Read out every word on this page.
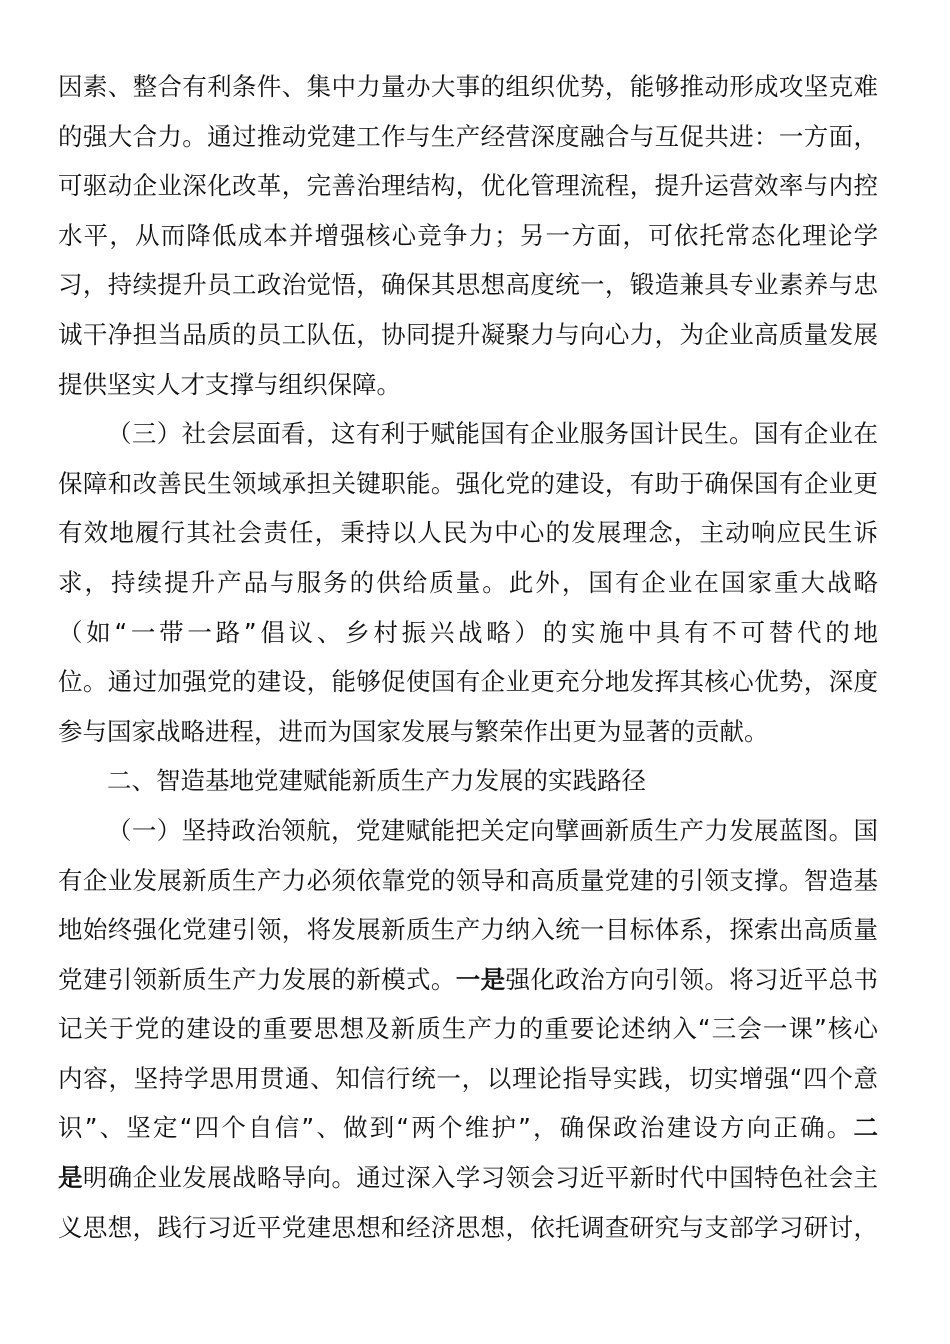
因素、整合有利条件、集中力量办大事的组织优势，能够推动形成攻坚克难
的强大合力。通过推动党建工作与生产经营深度融合与互促共进：一方面，
可驱动企业深化改革，完善治理结构，优化管理流程，提升运营效率与内控
水平，从而降低成本并增强核心竞争力；另一方面，可依托常态化理论学
习，持续提升员工政治觉悟，确保其思想高度统一，锻造兼具专业素养与忠
诚干净担当品质的员工队伍，协同提升凝聚力与向心力，为企业高质量发展
提供坚实人才支撑与组织保障。
（三）社会层面看，这有利于赋能国有企业服务国计民生。国有企业在
保障和改善民生领域承担关键职能。强化党的建设，有助于确保国有企业更
有效地履行其社会责任，秉持以人民为中心的发展理念，主动响应民生诉
求，持续提升产品与服务的供给质量。此外，国有企业在国家重大战略
（如“一带一路”倡议、乡村振兴战略）的实施中具有不可替代的地
位。通过加强党的建设，能够促使国有企业更充分地发挥其核心优势，深度
参与国家战略进程，进而为国家发展与繁荣作出更为显著的贡献。
二、智造基地党建赋能新质生产力发展的实践路径
（一）坚持政治领航，党建赋能把关定向擘画新质生产力发展蓝图。国
有企业发展新质生产力必须依靠党的领导和高质量党建的引领支撑。智造基
地始终强化党建引领，将发展新质生产力纳入统一目标体系，探索出高质量
党建引领新质生产力发展的新模式。一是强化政治方向引领。将习近平总书
记关于党的建设的重要思想及新质生产力的重要论述纳入“三会一课”核心
内容，坚持学思用贯通、知信行统一，以理论指导实践，切实增强“四个意
识”、坚定“四个自信”、做到“两个维护”，确保政治建设方向正确。二
是明确企业发展战略导向。通过深入学习领会习近平新时代中国特色社会主
义思想，践行习近平党建思想和经济思想，依托调查研究与支部学习研讨，
